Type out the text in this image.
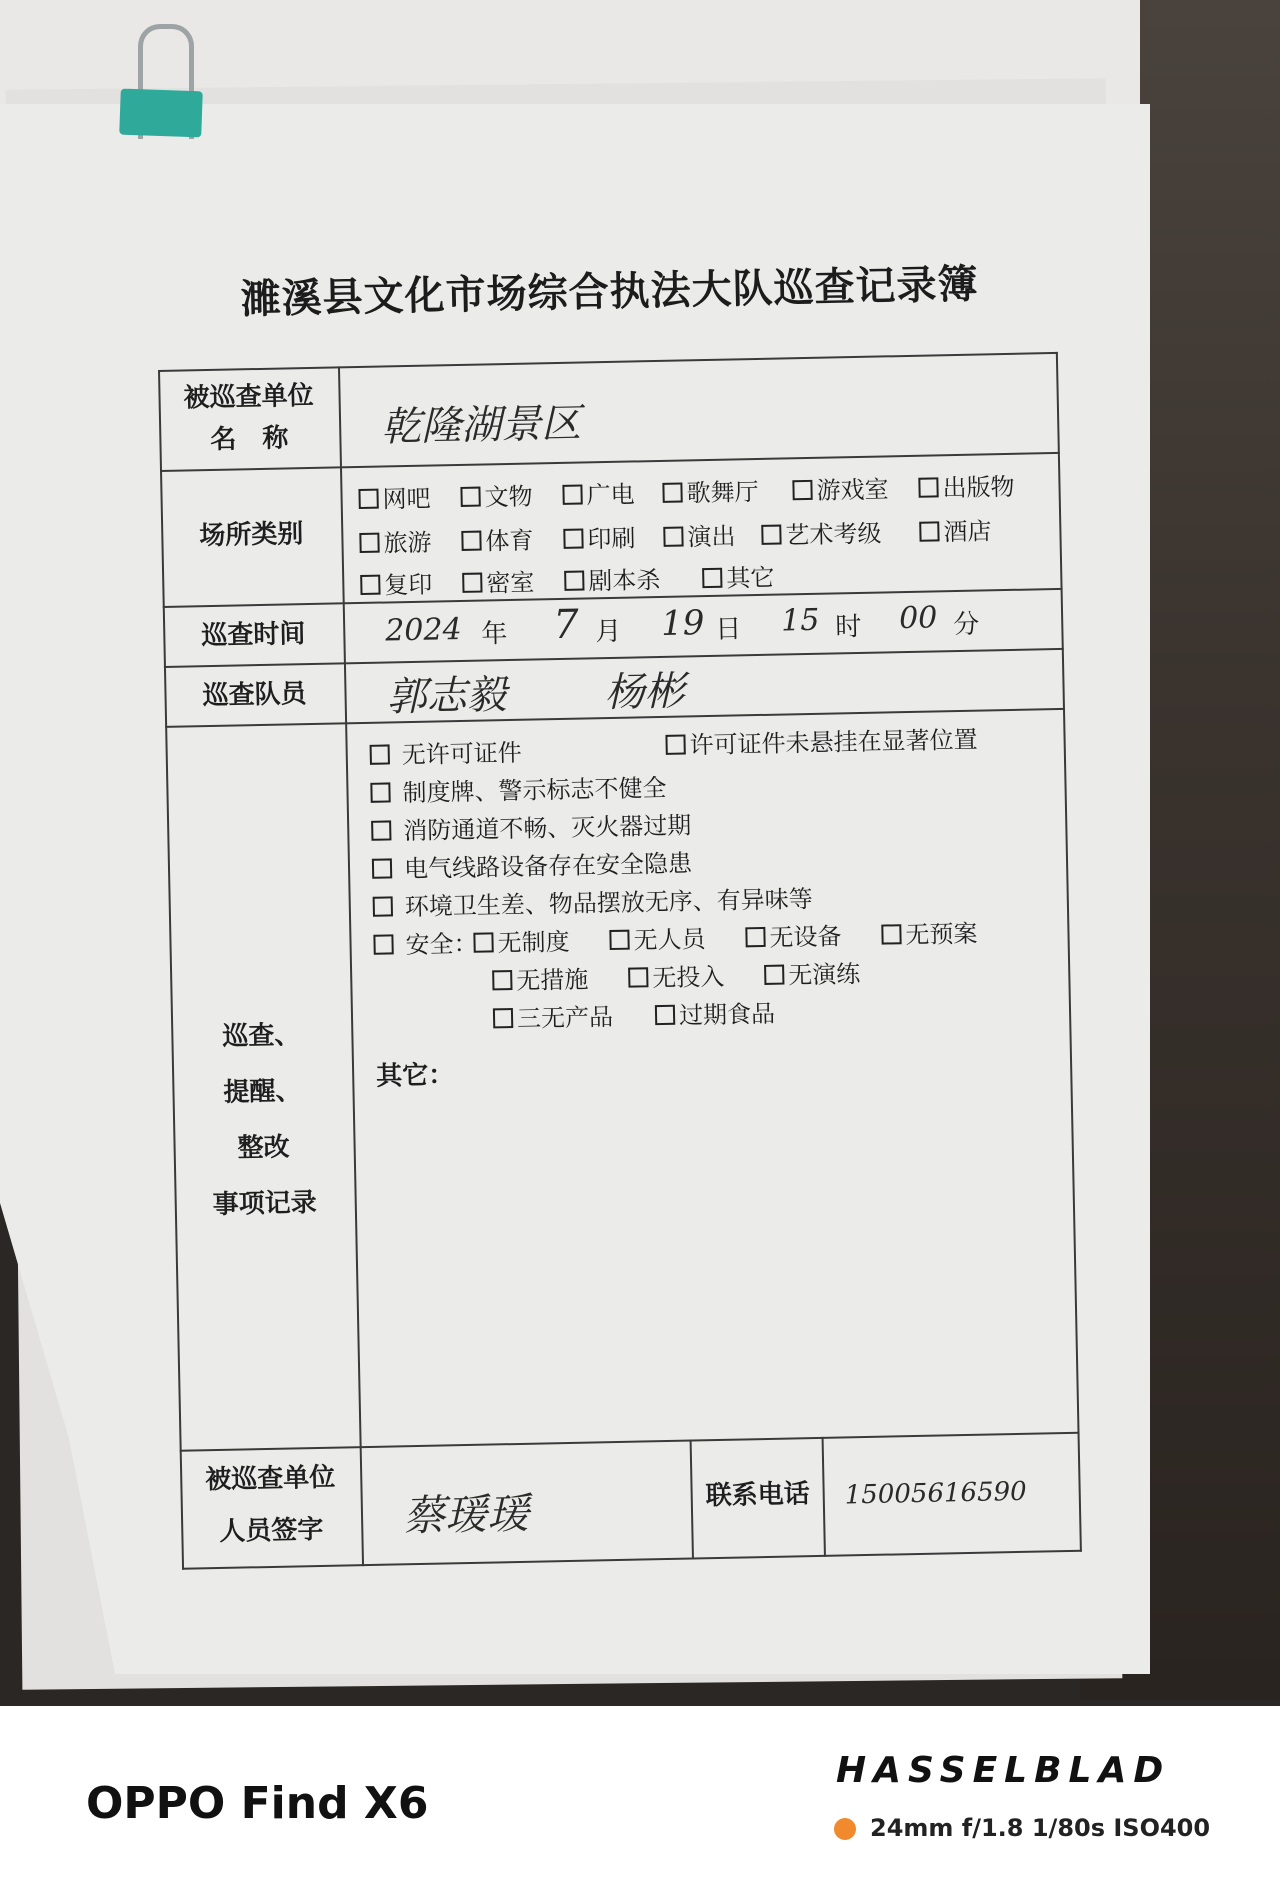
濉溪县文化市场综合执法大队巡查记录簿
被巡查单位
名　称	乾隆湖景区
场所类别
网吧	文物	广电	歌舞厅	游戏室	出版物
旅游	体育	印刷	演出	艺术考级	酒店
复印	密室	剧本杀	其它
巡查时间	2024 年 7 月 19 日 15 时 00 分
巡查队员	郭志毅 杨彬
巡查、
提醒、
整改
事项记录
无许可证件	许可证件未悬挂在显著位置
制度牌、警示标志不健全
消防通道不畅、灭火器过期
电气线路设备存在安全隐患
环境卫生差、物品摆放无序、有异味等
安全： 无制度	无人员	无设备	无预案
无措施	无投入	无演练
三无产品	过期食品
其它：
被巡查单位
人员签字	蔡瑗瑗	联系电话	15005616590
OPPO Find X6
HASSELBLAD
24mm f/1.8 1/80s ISO400
